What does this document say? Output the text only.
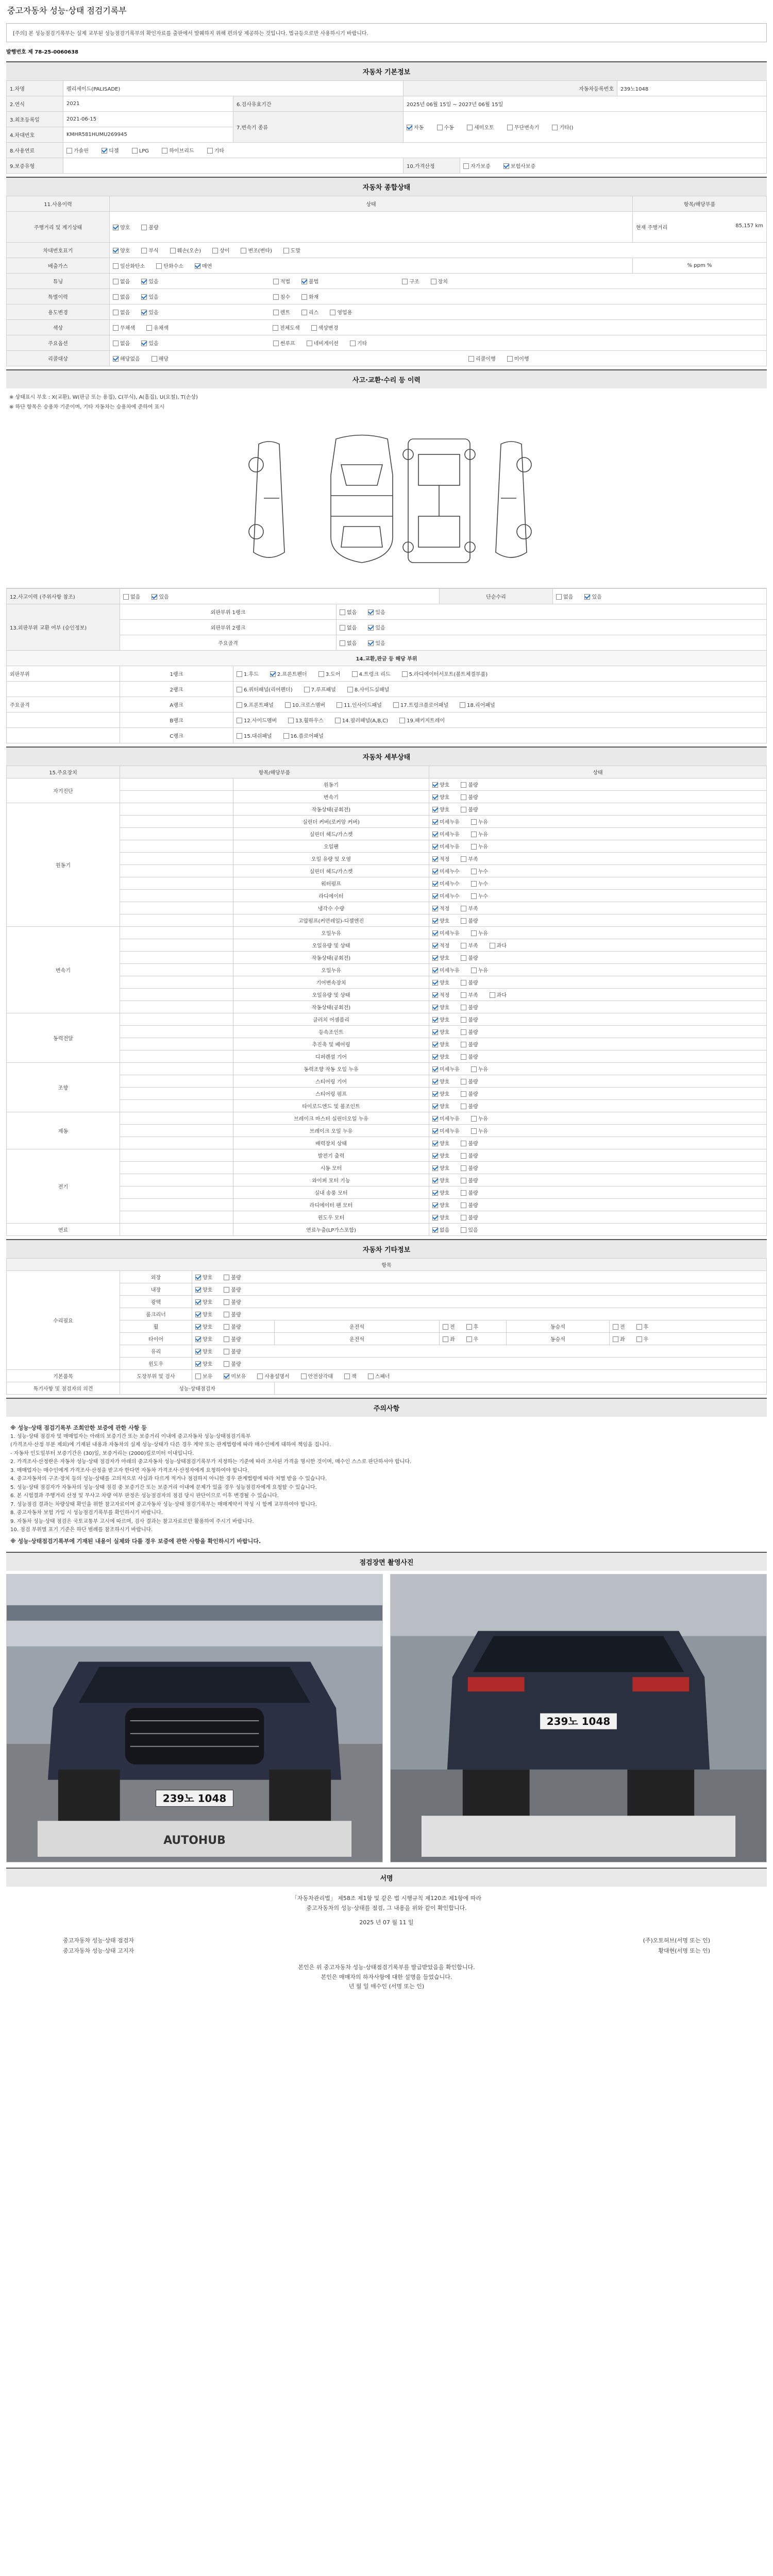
중고자동차 성능·상태 점검기록부
[주의] 본 성능점검기록부는 실제 교부된 성능점검기록부의 확인자료를 출판에서 발췌하지 위해 편의상 제공하는 것입니다. 법규등으로만 사용하시기 바랍니다.
발행번호 제 78-25-0060638
자동차 기본정보
1.차명	펠리세이드(PALISADE)		자동차등록번호		239노1048
2.연식	2021	6.검사유효기간	2025년 06월 15일 ~ 2027년 06월 15일		
3.최초등록일	2021-06-15	7.변속기 종류	자동 수동 세미오토 무단변속기 기타()		
4.차대번호	KMHR581HUMU269945				
8.사용연료	가솔린 디젤 LPG 하이브리드 기타				
9.보증유형			10.가격산정	자가보증 보험사보증	
자동차 종합상태
11.사용이력	상태	항목/해당부품
주행거리 및 계기상태	양호 불량	현재 주행거리 85,157 km

차대번호표기	양호 부식 훼손(오손) 상이 변조(변타) 도말	
배출가스	일산화탄소 탄화수소 매연	% ppm %
튜닝	없음 있음 적법 불법 구조 장치	
특별이력	없음 있음 침수 화재	
용도변경	없음 있음 렌트 리스 영업용	
색상	무채색 유채색 전체도색 색상변경	
주요옵션	없음 있음 썬루프 네비게이션 기타	
리콜대상	해당없음 해당 리콜이행 미이행	
사고·교환·수리 등 이력
※ 상태표시 부호 : X(교환), W(판금 또는 용접), C(부식), A(흠집), U(요철), T(손상)
※ 하단 항목은 승용차 기준이며, 기타 자동차는 승용차에 준하여 표시
12.사고이력 (주위사항 참조)	없음 있음			단순수리	없음 있음
13.외판부위 교환 여부 (승인정보)	외판부위 1랭크		없음 있음		
	외판부위 2랭크		없음 있음		
	주요골격		없음 있음		
14.교환,판금 등 해당 부위					
외판부위	1랭크	1.후드 2.프론트펜더 3.도어 4.트렁크 리드 5.라디에이터서포트(볼트체결부품)			
	2랭크	6.쿼터패널(리어펜더) 7.루프패널 8.사이드실패널			
주요골격	A랭크	9.프론트패널 10.크로스멤버 11.인사이드패널 17.트렁크플로어패널 18.리어패널			
	B랭크	12.사이드멤버 13.휠하우스 14.필러패널(A,B,C) 19.패키지트레이			
	C랭크	15.대쉬패널 16.플로어패널			
자동차 세부상태
15.주요장치	항목/해당부품		상태
자기진단		원동기	양호 불량
		변속기	양호 불량
원동기		작동상태(공회전)	양호 불량
		실린더 커버(로커암 커버)	미세누유 누유
		실린더 헤드/가스켓	미세누유 누유
		오일팬	미세누유 누유
		오일 유량 및 오염	적정 부족
		실린더 헤드/가스켓	미세누수 누수
		워터펌프	미세누수 누수
		라디에이터	미세누수 누수
		냉각수 수량	적정 부족
		고압펌프(커먼레일)-디젤엔진	양호 불량
변속기		오일누유	미세누유 누유
		오일유량 및 상태	적정 부족 과다
		작동상태(공회전)	양호 불량
		오일누유	미세누유 누유
		기어변속장치	양호 불량
		오일유량 및 상태	적정 부족 과다
		작동상태(공회전)	양호 불량
동력전달		클러치 어셈블리	양호 불량
		등속조인트	양호 불량
		추진축 및 베어링	양호 불량
		디퍼렌셜 기어	양호 불량
조향		동력조향 작동 오일 누유	미세누유 누유
		스티어링 기어	양호 불량
		스티어링 펌프	양호 불량
		타이로드엔드 및 볼조인트	양호 불량
제동		브레이크 마스터 실린더오일 누유	미세누유 누유
		브레이크 오일 누유	미세누유 누유
		배력장치 상태	양호 불량
전기		발전기 출력	양호 불량
		시동 모터	양호 불량
		와이퍼 모터 기능	양호 불량
		실내 송풍 모터	양호 불량
		라디에이터 팬 모터	양호 불량
		윈도우 모터	양호 불량
연료		연료누출(LP가스포함)	없음 있음
자동차 기타정보
항목						
수리필요	외장	양호 불량				
	내장	양호 불량				
	광택	양호 불량				
	룸크리너	양호 불량				
	휠	양호 불량	운전석	전 후	동승석	전 후
	타이어	양호 불량	운전석	좌 우	동승석	좌 우
	유리	양호 불량				
	윈도우	양호 불량				
기본품목	도장부위 및 검사	보유 미보유 사용설명서 안전삼각대 잭 스패너				
특기사항 및 점검자의 의견	성능·상태점검자					
주의사항

※ 성능·상태 점검기록부 조회안한 보증에 관한 사항 등

1. 성능·상태 점검자 및 매매업자는 아래의 보증기간 또는 보증거리 이내에 중고자동차 성능·상태점검기록부

(가격조사·산정 부분 제외)에 기재된 내용과 자동차의 실제 성능·상태가 다른 경우 계약 또는 관계법령에 따라 매수인에게 대하여 책임을 집니다.

- 자동차 인도일부터 보증기간은 (30)일, 보증거리는 (2000)킬로미터 이내입니다.

2. 가격조사·산정란은 자동차 성능·상태 점검자가 아래의 중고자동차 성능·상태점검기록부가 지정하는 기준에 따라 조사된 가격을 명시한 것이며, 매수인 스스로 판단하셔야 합니다.

3. 매매업자는 매수인에게 가격조사·산정을 받고자 한다면 자동차 가격조사·산정자에게 요청하여야 합니다.

4. 중고자동차의 구조·장치 등의 성능·상태를 고의적으로 사실과 다르게 적거나 점검하지 아니한 경우 관계법령에 따라 처벌 받을 수 있습니다.

5. 성능·상태 점검자가 자동차의 성능·상태 점검 중 보증기간 또는 보증거리 이내에 문제가 있을 경우 성능점검자에게 요청할 수 있습니다.

6. 본 시험결과 주행거리 산정 및 무사고 차량 여부 판정은 성능점검자의 점검 당시 판단이므로 이후 변경될 수 있습니다.

7. 성능점검 결과는 차량상태 확인을 위한 참고자료이며 중고자동차 성능·상태 점검기록부는 매매계약서 작성 시 함께 교부하여야 합니다.

8. 중고자동차 보험 가입 시 성능점검기록부를 확인하시기 바랍니다.

9. 자동차 성능·상태 점검은 국토교통부 고시에 따르며, 검사 결과는 참고자료로만 활용하여 주시기 바랍니다.

10. 점검 부위별 표기 기준은 하단 범례를 참조하시기 바랍니다.

※ 성능·상태점검기록부에 기재된 내용이 실제와 다를 경우 보증에 관한 사항을 확인하시기 바랍니다.

점검장면 촬영사진
239노 1048
AUTOHUB
239노 1048
서명
「자동차관리법」 제58조 제1항 및 같은 법 시행규칙 제120조 제1항에 따라
중고자동차의 성능·상태를 점검, 그 내용을 위와 같이 확인합니다.
2025 년 07 월 11 일
중고자동차 성능·상태 점검자	(주)오토허브(서명 또는 인)
중고자동차 성능·상태 고지자	황대현(서명 또는 인)
본인은 위 중고자동차 성능·상태점검기록부를 발급받았음을 확인합니다.
본인은 매매자의 하자사항에 대한 설명을 들었습니다.
년 월 일 매수인 (서명 또는 인)
